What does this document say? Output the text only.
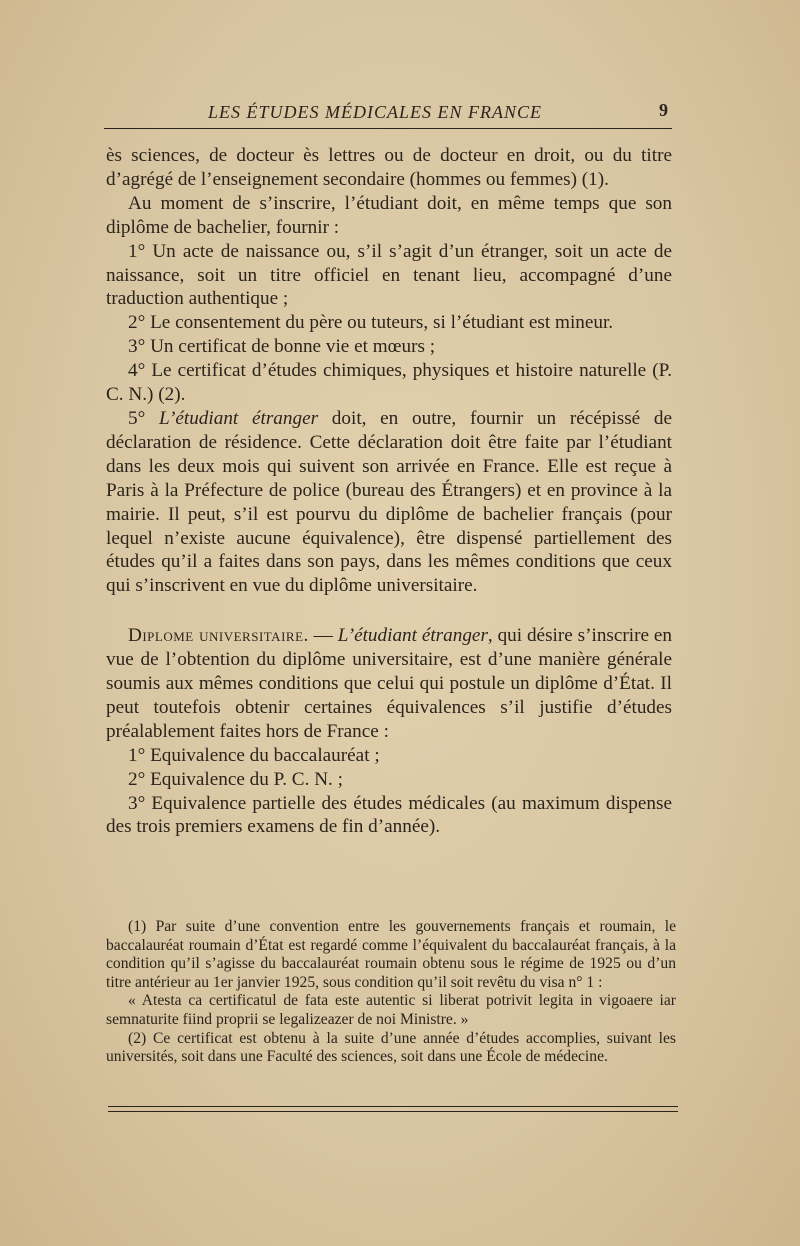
LES ÉTUDES MÉDICALES EN FRANCE	9

ès sciences, de docteur ès lettres ou de docteur en droit, ou du titre d’agrégé de l’enseignement secondaire (hommes ou femmes) (1).

Au moment de s’inscrire, l’étudiant doit, en même temps que son diplôme de bachelier, fournir :

1° Un acte de naissance ou, s’il s’agit d’un étranger, soit un acte de naissance, soit un titre officiel en tenant lieu, accompagné d’une traduction authentique ;

2° Le consentement du père ou tuteurs, si l’étudiant est mineur.

3° Un certificat de bonne vie et mœurs ;

4° Le certificat d’études chimiques, physiques et histoire naturelle (P. C. N.) (2).

5° L’étudiant étranger doit, en outre, fournir un récépissé de déclaration de résidence. Cette déclaration doit être faite par l’étudiant dans les deux mois qui suivent son arrivée en France. Elle est reçue à Paris à la Préfecture de police (bureau des Étrangers) et en province à la mairie. Il peut, s’il est pourvu du diplôme de bachelier français (pour lequel n’existe aucune équivalence), être dispensé partiellement des études qu’il a faites dans son pays, dans les mêmes conditions que ceux qui s’inscrivent en vue du diplôme universitaire.

Diplome universitaire. — L’étudiant étranger, qui désire s’inscrire en vue de l’obtention du diplôme universitaire, est d’une manière générale soumis aux mêmes conditions que celui qui postule un diplôme d’État. Il peut toutefois obtenir certaines équivalences s’il justifie d’études préalablement faites hors de France :

1° Equivalence du baccalauréat ;

2° Equivalence du P. C. N. ;

3° Equivalence partielle des études médicales (au maximum dispense des trois premiers examens de fin d’année).

(1) Par suite d’une convention entre les gouvernements français et roumain, le baccalauréat roumain d’État est regardé comme l’équivalent du baccalauréat français, à la condition qu’il s’agisse du baccalauréat roumain obtenu sous le régime de 1925 ou d’un titre antérieur au 1er janvier 1925, sous condition qu’il soit revêtu du visa n° 1 :

« Atesta ca certificatul de fata este autentic si liberat potrivit legita in vigoaere iar semnaturite fiind proprii se legalizeazer de noi Ministre. »

(2) Ce certificat est obtenu à la suite d’une année d’études accomplies, suivant les universités, soit dans une Faculté des sciences, soit dans une École de médecine.
